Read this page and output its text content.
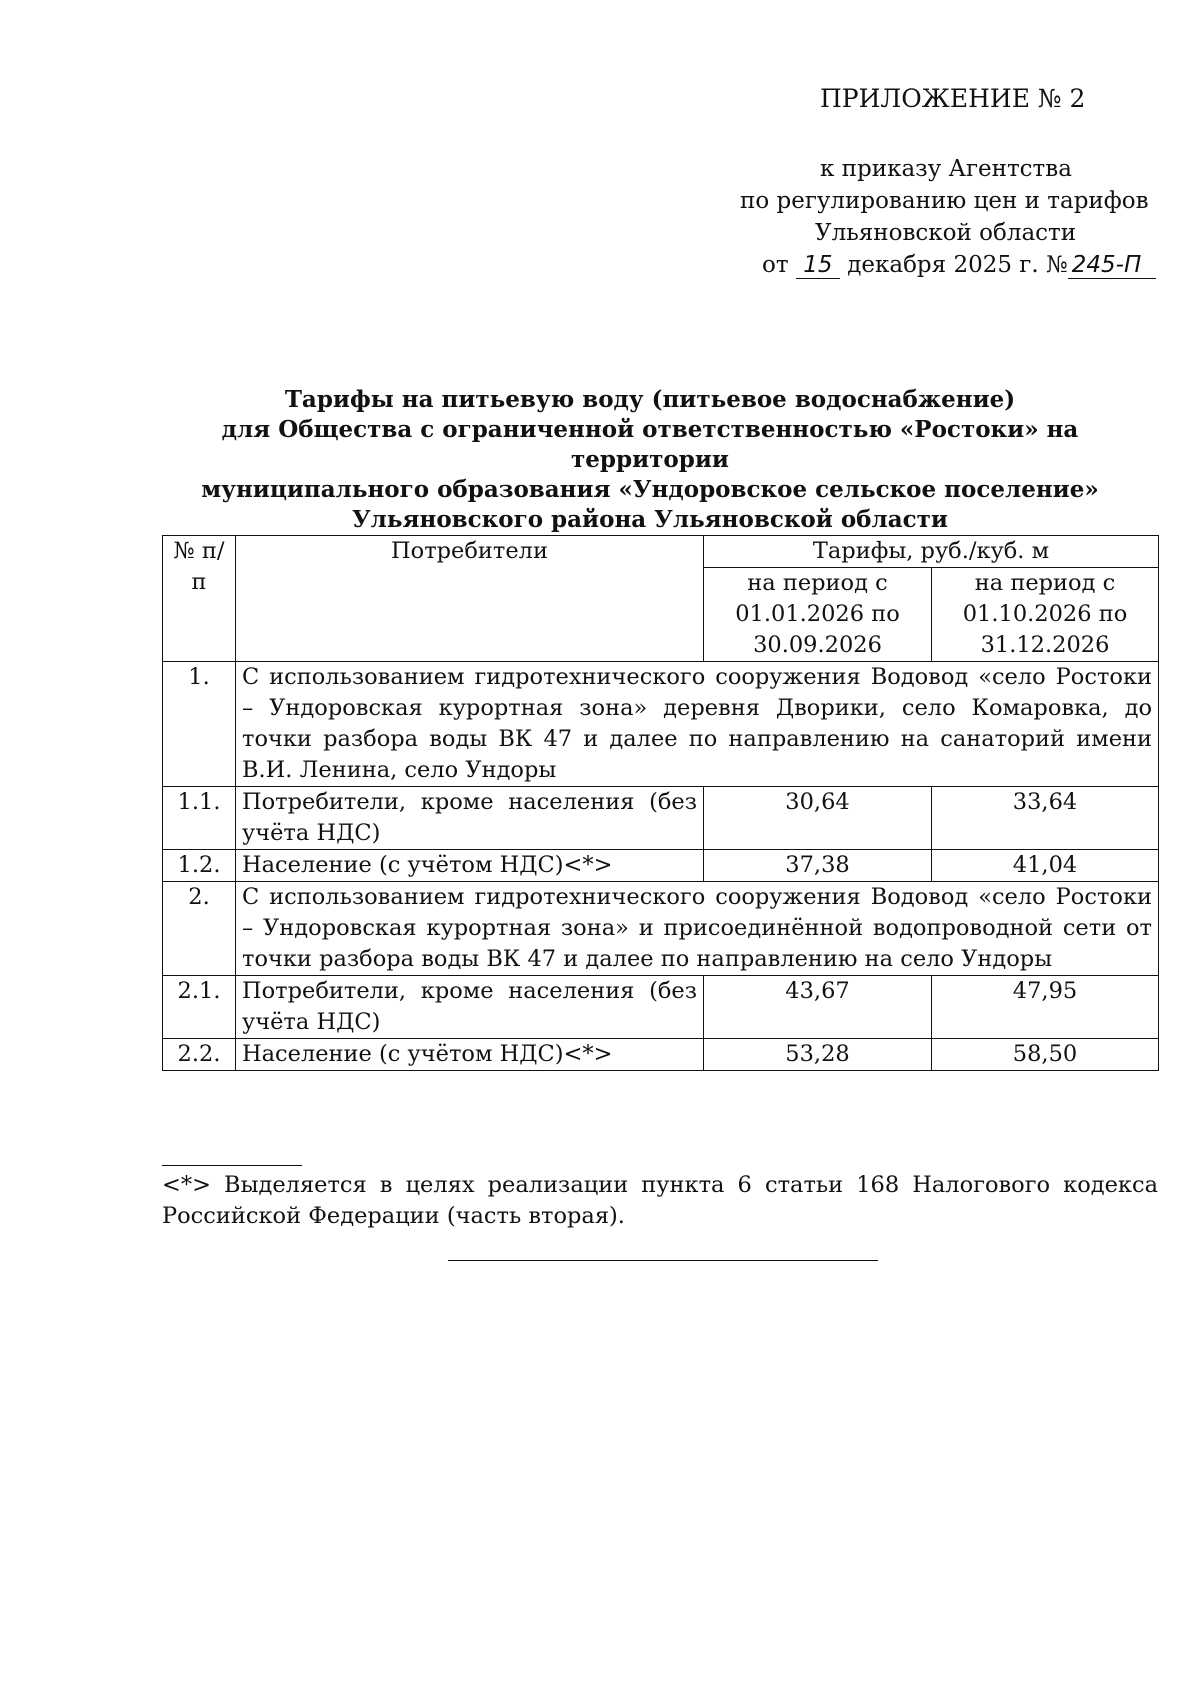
ПРИЛОЖЕНИЕ № 2
к приказу Агентства
по регулированию цен и тарифов
Ульяновской области
от 15 декабря 2025 г. № 245-П
Тарифы на питьевую воду (питьевое водоснабжение)
для Общества с ограниченной ответственностью «Ростоки» на территории
муниципального образования «Ундоровское сельское поселение»
Ульяновского района Ульяновской области
№ п/п	Потребители	Тарифы, руб./куб. м	
		на период с 01.01.2026 по 30.09.2026	на период с 01.10.2026 по 31.12.2026
1.	С использованием гидротехнического сооружения Водовод «село Ростоки – Ундоровская курортная зона» деревня Дворики, село Комаровка, до точки разбора воды ВК 47 и далее по направлению на санаторий имени В.И. Ленина, село Ундоры		
1.1.	Потребители, кроме населения (без учёта НДС)	30,64	33,64
1.2.	Население (с учётом НДС)<*>	37,38	41,04
2.	С использованием гидротехнического сооружения Водовод «село Ростоки – Ундоровская курортная зона» и присоединённой водопроводной сети от точки разбора воды ВК 47 и далее по направлению на село Ундоры		
2.1.	Потребители, кроме населения (без учёта НДС)	43,67	47,95
2.2.	Население (с учётом НДС)<*>	53,28	58,50
<*> Выделяется в целях реализации пункта 6 статьи 168 Налогового кодекса Российской Федерации (часть вторая).
